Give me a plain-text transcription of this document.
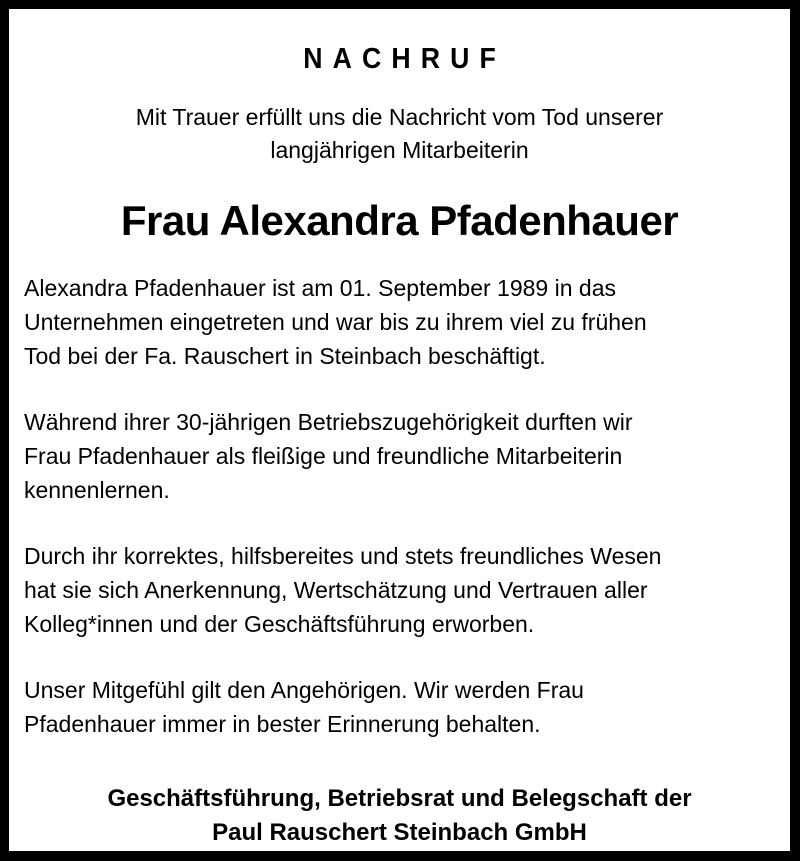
NACHRUF
Mit Trauer erfüllt uns die Nachricht vom Tod unserer
langjährigen Mitarbeiterin
Frau Alexandra Pfadenhauer
Alexandra Pfadenhauer ist am 01. September 1989 in das
Unternehmen eingetreten und war bis zu ihrem viel zu frühen
Tod bei der Fa. Rauschert in Steinbach beschäftigt.
Während ihrer 30-jährigen Betriebszugehörigkeit durften wir
Frau Pfadenhauer als fleißige und freundliche Mitarbeiterin
kennenlernen.
Durch ihr korrektes, hilfsbereites und stets freundliches Wesen
hat sie sich Anerkennung, Wertschätzung und Vertrauen aller
Kolleg*innen und der Geschäftsführung erworben.
Unser Mitgefühl gilt den Angehörigen. Wir werden Frau
Pfadenhauer immer in bester Erinnerung behalten.
Geschäftsführung, Betriebsrat und Belegschaft der
Paul Rauschert Steinbach GmbH
